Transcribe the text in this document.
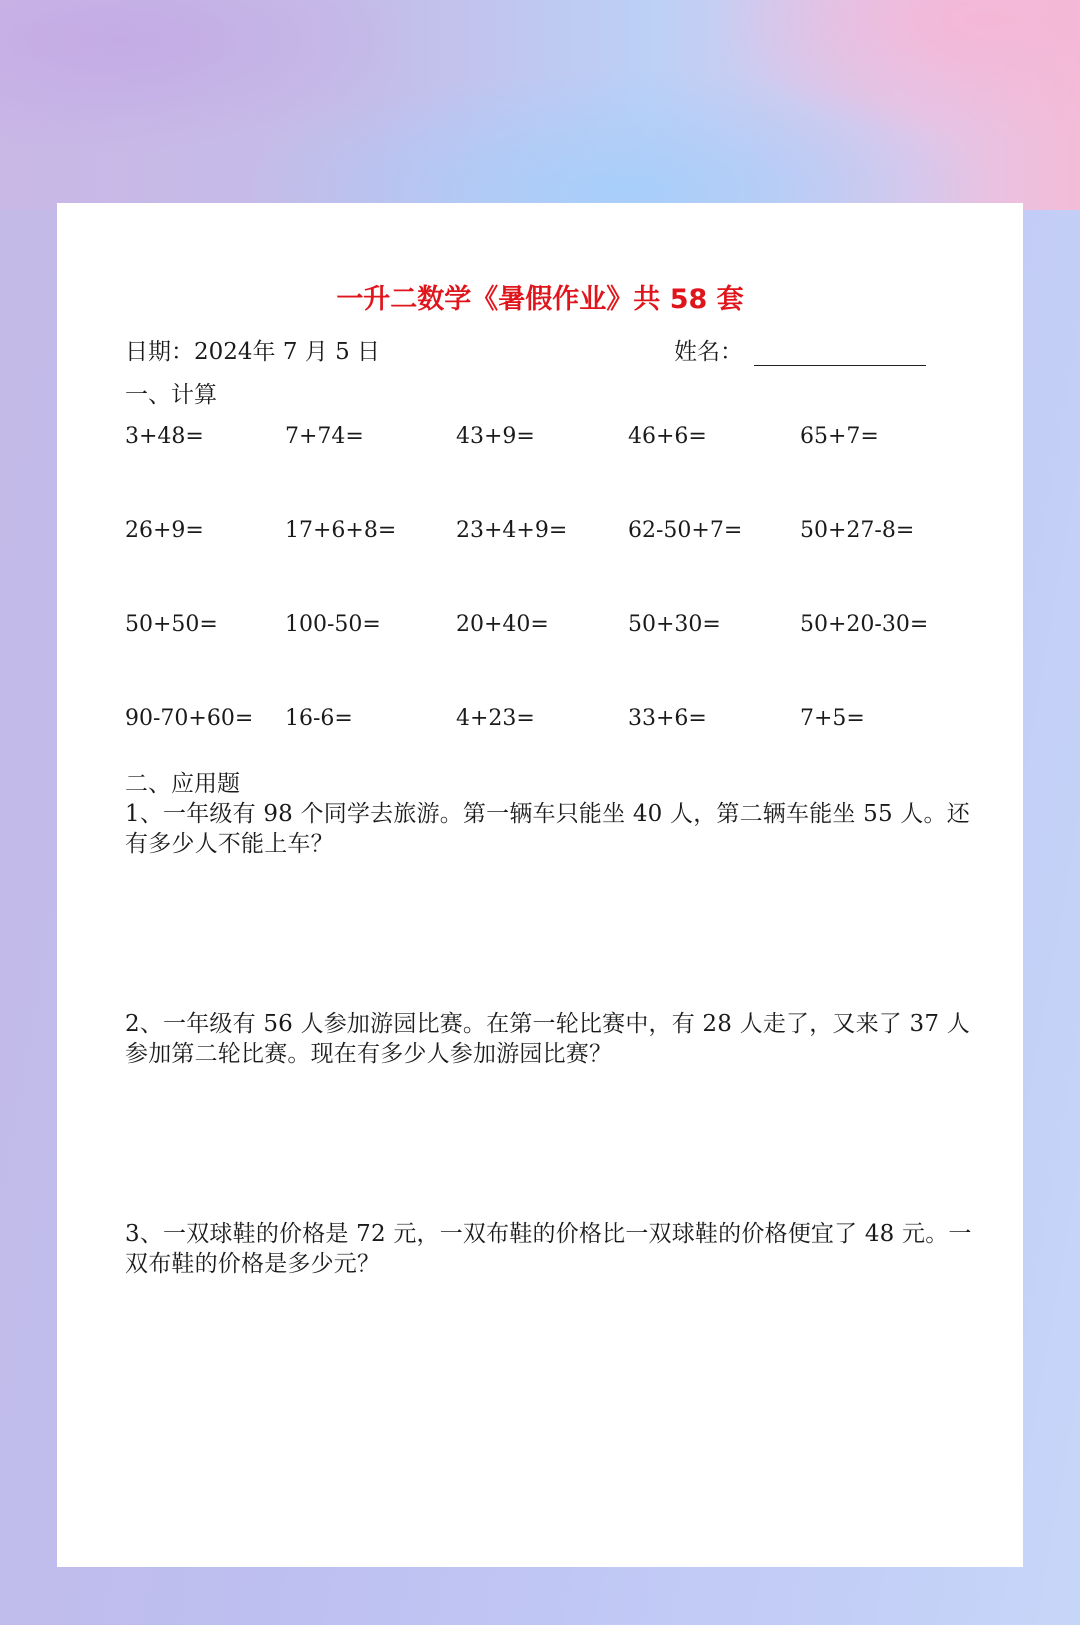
一升二数学《暑假作业》共 58 套
日期：2024年 7 月 5 日	姓名：
一、计算
3+48=	7+74=	43+9=	46+6=	65+7=
26+9=	17+6+8=	23+4+9=	62-50+7=	50+27-8=
50+50=	100-50=	20+40=	50+30=	50+20-30=
90-70+60= 16-6=	4+23=	33+6=	7+5=
二、应用题
1、一年级有 98 个同学去旅游。第一辆车只能坐 40 人，第二辆车能坐 55 人。还有多少人不能上车？
2、一年级有 56 人参加游园比赛。在第一轮比赛中，有 28 人走了，又来了 37 人参加第二轮比赛。现在有多少人参加游园比赛？
3、一双球鞋的价格是 72 元，一双布鞋的价格比一双球鞋的价格便宜了 48 元。一双布鞋的价格是多少元？
